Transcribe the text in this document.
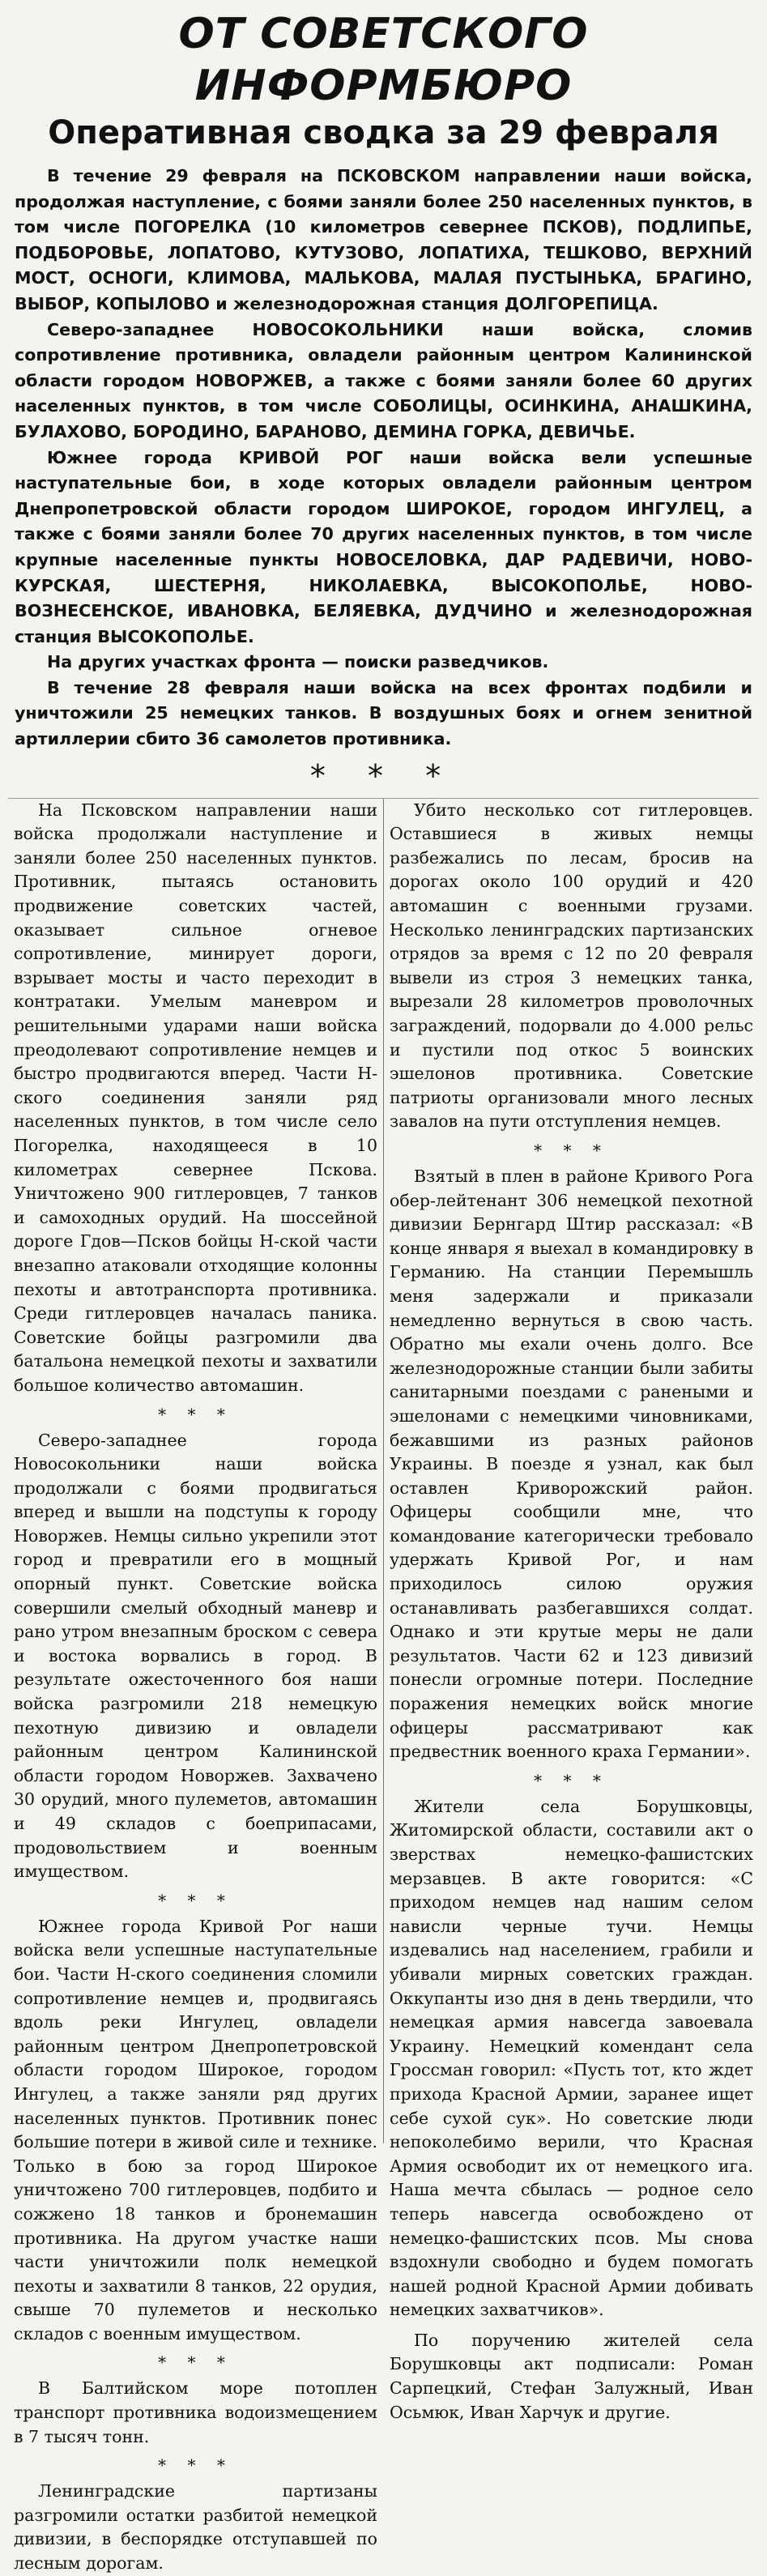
ОТ СОВЕТСКОГО ИНФОРМБЮРО
Оперативная сводка за 29 февраля

В течение 29 февраля на ПСКОВСКОМ направлении наши войска, продолжая наступление, с боями заняли более 250 населенных пунктов, в том числе ПОГОРЕЛКА (10 километров севернее ПСКОВ), ПОДЛИПЬЕ, ПОДБОРОВЬЕ, ЛОПАТОВО, КУТУЗОВО, ЛОПАТИХА, ТЕШКОВО, ВЕРХНИЙ МОСТ, ОСНОГИ, КЛИМОВА, МАЛЬКОВА, МАЛАЯ ПУСТЫНЬКА, БРАГИНО, ВЫБОР, КОПЫЛОВО и железнодорожная станция ДОЛГОРЕПИЦА.

Северо-западнее НОВОСОКОЛЬНИКИ наши войска, сломив сопротивление противника, овладели районным центром Калининской области городом НОВОРЖЕВ, а также с боями заняли более 60 других населенных пунктов, в том числе СОБОЛИЦЫ, ОСИНКИНА, АНАШКИНА, БУЛАХОВО, БОРОДИНО, БАРАНОВО, ДЕМИНА ГОРКА, ДЕВИЧЬЕ.

Южнее города КРИВОЙ РОГ наши войска вели успешные наступательные бои, в ходе которых овладели районным центром Днепропетровской области городом ШИРОКОЕ, городом ИНГУЛЕЦ, а также с боями заняли более 70 других населенных пунктов, в том числе крупные населенные пункты НОВОСЕЛОВКА, ДАР РАДЕВИЧИ, НОВО-КУРСКАЯ, ШЕСТЕРНЯ, НИКОЛАЕВКА, ВЫСОКОПОЛЬЕ, НОВО-ВОЗНЕСЕНСКОЕ, ИВАНОВКА, БЕЛЯЕВКА, ДУДЧИНО и железнодорожная станция ВЫСОКОПОЛЬЕ.

На других участках фронта — поиски разведчиков.

В течение 28 февраля наши войска на всех фронтах подбили и уничтожили 25 немецких танков. В воздушных боях и огнем зенитной артиллерии сбито 36 самолетов противника.

* * *

На Псковском направлении наши войска продолжали наступление и заняли более 250 населенных пунктов. Противник, пытаясь остановить продвижение советских частей, оказывает сильное огневое сопротивление, минирует дороги, взрывает мосты и часто переходит в контратаки. Умелым маневром и решительными ударами наши войска преодолевают сопротивление немцев и быстро продвигаются вперед. Части Н-ского соединения заняли ряд населенных пунктов, в том числе село Погорелка, находящееся в 10 километрах севернее Пскова. Уничтожено 900 гитлеровцев, 7 танков и самоходных орудий. На шоссейной дороге Гдов—Псков бойцы Н-ской части внезапно атаковали отходящие колонны пехоты и автотранспорта противника. Среди гитлеровцев началась паника. Советские бойцы разгромили два батальона немецкой пехоты и захватили большое количество автомашин.

* * *

Северо-западнее города Новосокольники наши войска продолжали с боями продвигаться вперед и вышли на подступы к городу Новоржев. Немцы сильно укрепили этот город и превратили его в мощный опорный пункт. Советские войска совершили смелый обходный маневр и рано утром внезапным броском с севера и востока ворвались в город. В результате ожесточенного боя наши войска разгромили 218 немецкую пехотную дивизию и овладели районным центром Калининской области городом Новоржев. Захвачено 30 орудий, много пулеметов, автомашин и 49 складов с боеприпасами, продовольствием и военным имуществом.

* * *

Южнее города Кривой Рог наши войска вели успешные наступательные бои. Части Н-ского соединения сломили сопротивление немцев и, продвигаясь вдоль реки Ингулец, овладели районным центром Днепропетровской области городом Широкое, городом Ингулец, а также заняли ряд других населенных пунктов. Противник понес большие потери в живой силе и технике. Только в бою за город Широкое уничтожено 700 гитлеровцев, подбито и сожжено 18 танков и бронемашин противника. На другом участке наши части уничтожили полк немецкой пехоты и захватили 8 танков, 22 орудия, свыше 70 пулеметов и несколько складов с военным имуществом.

* * *

В Балтийском море потоплен транспорт противника водоизмещением в 7 тысяч тонн.

* * *

Ленинградские партизаны разгромили остатки разбитой немецкой дивизии, в беспорядке отступавшей по лесным дорогам.

Убито несколько сот гитлеровцев. Оставшиеся в живых немцы разбежались по лесам, бросив на дорогах около 100 орудий и 420 автомашин с военными грузами. Несколько ленинградских партизанских отрядов за время с 12 по 20 февраля вывели из строя 3 немецких танка, вырезали 28 километров проволочных заграждений, подорвали до 4.000 рельс и пустили под откос 5 воинских эшелонов противника. Советские патриоты организовали много лесных завалов на пути отступления немцев.

* * *

Взятый в плен в районе Кривого Рога обер-лейтенант 306 немецкой пехотной дивизии Бернгард Штир рассказал: «В конце января я выехал в командировку в Германию. На станции Перемышль меня задержали и приказали немедленно вернуться в свою часть. Обратно мы ехали очень долго. Все железнодорожные станции были забиты санитарными поездами с ранеными и эшелонами с немецкими чиновниками, бежавшими из разных районов Украины. В поезде я узнал, как был оставлен Криворожский район. Офицеры сообщили мне, что командование категорически требовало удержать Кривой Рог, и нам приходилось силою оружия останавливать разбегавшихся солдат. Однако и эти крутые меры не дали результатов. Части 62 и 123 дивизий понесли огромные потери. Последние поражения немецких войск многие офицеры рассматривают как предвестник военного краха Германии».

* * *

Жители села Борушковцы, Житомирской области, составили акт о зверствах немецко-фашистских мерзавцев. В акте говорится: «С приходом немцев над нашим селом нависли черные тучи. Немцы издевались над населением, грабили и убивали мирных советских граждан. Оккупанты изо дня в день твердили, что немецкая армия навсегда завоевала Украину. Немецкий комендант села Гроссман говорил: «Пусть тот, кто ждет прихода Красной Армии, заранее ищет себе сухой сук». Но советские люди непоколебимо верили, что Красная Армия освободит их от немецкого ига. Наша мечта сбылась — родное село теперь навсегда освобождено от немецко-фашистских псов. Мы снова вздохнули свободно и будем помогать нашей родной Красной Армии добивать немецких захватчиков».

По поручению жителей села Борушковцы акт подписали: Роман Сарпецкий, Стефан Залужный, Иван Осьмюк, Иван Харчук и другие.
